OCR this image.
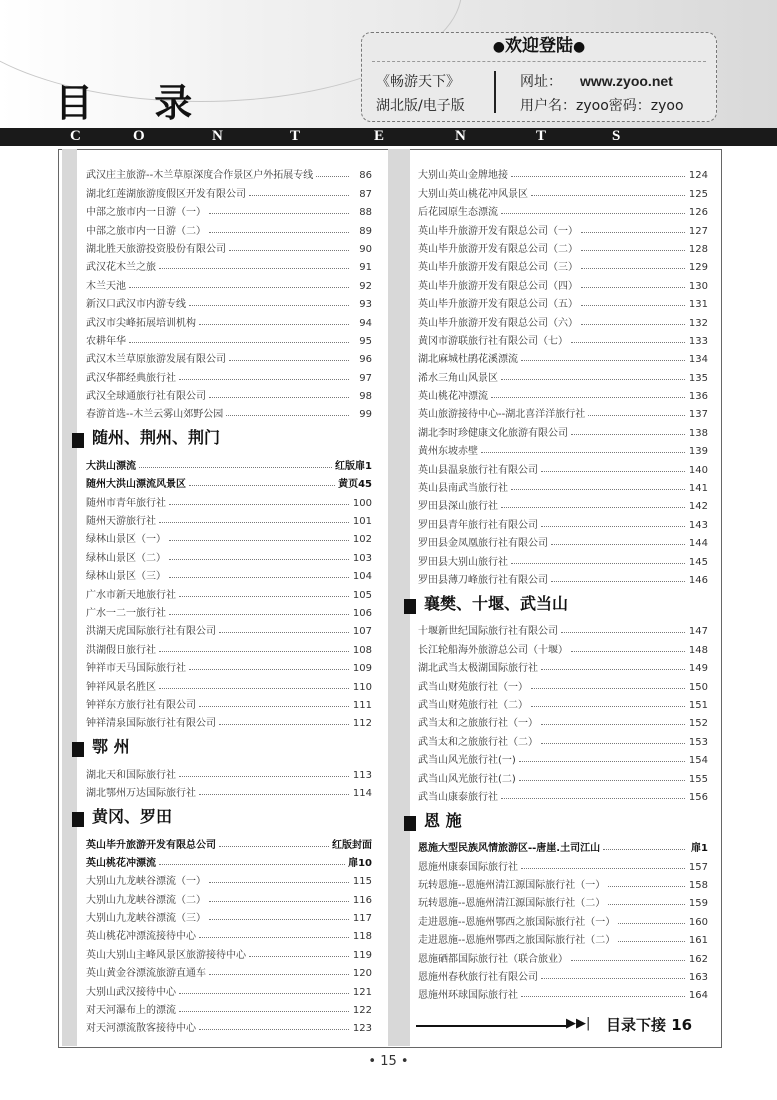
目 录
●欢迎登陆●
《畅游天下》
湖北版/电子版
网址： www.zyoo.net
用户名：zyoo密码：zyoo
C	O	N	T	E	N	T	S
武汉庄主旅游--木兰草原深度合作景区户外拓展专线	86
湖北红莲湖旅游度假区开发有限公司	87
中部之旅市内一日游（一）	88
中部之旅市内一日游（二）	89
湖北胜天旅游投资股份有限公司	90
武汉花木兰之旅	91
木兰天池	92
新汉口武汉市内游专线	93
武汉市尖峰拓展培训机构	94
农耕年华	95
武汉木兰草原旅游发展有限公司	96
武汉华都经典旅行社	97
武汉全球通旅行社有限公司	98
春游首选--木兰云雾山郊野公园	99
随州、荆州、荆门
大洪山漂流	红版扉1
随州大洪山漂流风景区	黄页45
随州市青年旅行社	100
随州天游旅行社	101
绿林山景区（一）	102
绿林山景区（二）	103
绿林山景区（三）	104
广水市新天地旅行社	105
广水一二一旅行社	106
洪湖天虎国际旅行社有限公司	107
洪湖假日旅行社	108
钟祥市天马国际旅行社	109
钟祥风景名胜区	110
钟祥东方旅行社有限公司	111
钟祥清泉国际旅行社有限公司	112
鄂 州
湖北天和国际旅行社	113
湖北鄂州万达国际旅行社	114
黄冈、罗田
英山毕升旅游开发有限总公司	红版封面
英山桃花冲漂流	扉10
大别山九龙峡谷漂流（一）	115
大别山九龙峡谷漂流（二）	116
大别山九龙峡谷漂流（三）	117
英山桃花冲漂流接待中心	118
英山大别山主峰风景区旅游接待中心	119
英山黄金谷漂流旅游直通车	120
大别山武汉接待中心	121
对天河瀑布上的漂流	122
对天河漂流散客接待中心	123
大别山英山金牌地接	124
大别山英山桃花冲风景区	125
后花园原生态漂流	126
英山毕升旅游开发有限总公司（一）	127
英山毕升旅游开发有限总公司（二）	128
英山毕升旅游开发有限总公司（三）	129
英山毕升旅游开发有限总公司（四）	130
英山毕升旅游开发有限总公司（五）	131
英山毕升旅游开发有限总公司（六）	132
黄冈市游联旅行社有限公司（七）	133
湖北麻城杜鹃花溪漂流	134
浠水三角山风景区	135
英山桃花冲漂流	136
英山旅游接待中心--湖北喜洋洋旅行社	137
湖北李时珍健康文化旅游有限公司	138
黄州东坡赤壁	139
英山县温泉旅行社有限公司	140
英山县南武当旅行社	141
罗田县深山旅行社	142
罗田县青年旅行社有限公司	143
罗田县金凤凰旅行社有限公司	144
罗田县大别山旅行社	145
罗田县薄刀峰旅行社有限公司	146
襄樊、十堰、武当山
十堰新世纪国际旅行社有限公司	147
长江轮船海外旅游总公司（十堰）	148
湖北武当太极湖国际旅行社	149
武当山财苑旅行社（一）	150
武当山财苑旅行社（二）	151
武当太和之旅旅行社（一）	152
武当太和之旅旅行社（二）	153
武当山风光旅行社(一)	154
武当山风光旅行社(二)	155
武当山康泰旅行社	156
恩 施
恩施大型民族风情旅游区--唐崖.土司江山	扉1
恩施州康泰国际旅行社	157
玩转恩施--恩施州清江源国际旅行社（一）	158
玩转恩施--恩施州清江源国际旅行社（二）	159
走进恩施--恩施州鄂西之旅国际旅行社（一）	160
走进恩施--恩施州鄂西之旅国际旅行社（二）	161
恩施硒都国际旅行社（联合旅业）	162
恩施州春秋旅行社有限公司	163
恩施州环球国际旅行社	164
▶▶| 目录下接 16
• 15 •
